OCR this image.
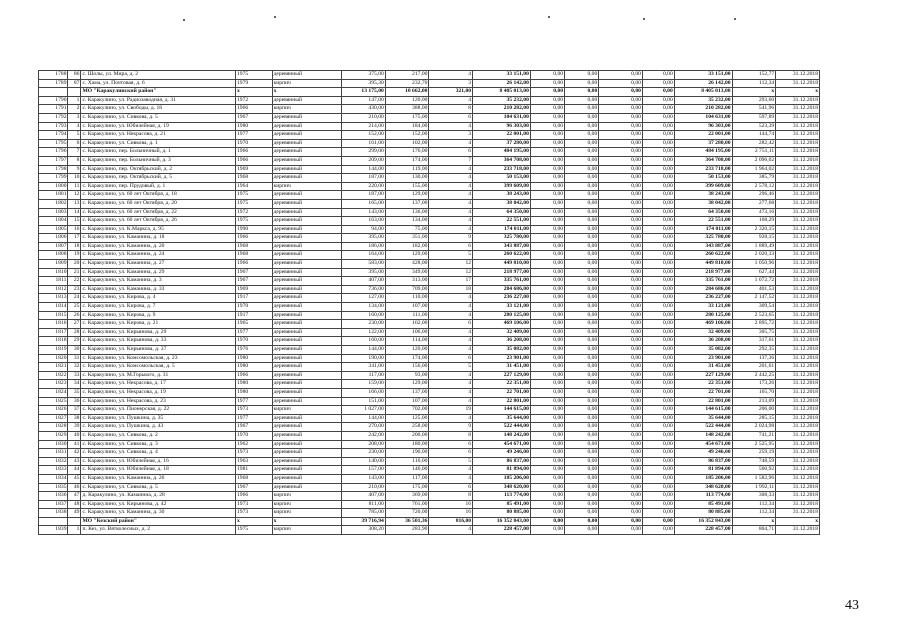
1788	86	с. Шолы, ул. Мира, д. 2	1975	деревянный	375,00	217,00	4	33 151,00	0,00	0,00	0,00	0,00	33 151,00	152,77	31.12.2018
1789	87	с. Хама, ул. Почтовая, д. 6	1979	кирпич	395,30	232,70	3	26 142,00	0,00	0,00	0,00	0,00	26 142,00	112,34	31.12.2018
		МО "Каракулинский район"	х	х	13 175,00	10 662,00	321,00	8 405 013,00	0,00	0,00	0,00	0,00	8 405 013,00	х	х
1790	1	с. Каракулино, ул. Радиозаводная, д. 31	1972	деревянный	147,00	120,00	4	35 232,00	0,00	0,00	0,00	0,00	35 232,00	293,60	31.12.2018
1791	2	с. Каракулино, ул. Свободы, д. 18	1966	кирпич	430,00	388,00	8	210 282,00	0,00	0,00	0,00	0,00	210 282,00	541,96	31.12.2018
1792	3	с. Каракулино, ул. Сивкова, д. 5	1967	деревянный	210,00	175,00	6	104 631,00	0,00	0,00	0,00	0,00	104 631,00	597,89	31.12.2018
1793	4	с. Каракулино, ул. Юбилейная, д. 19	1980	деревянный	214,00	184,00	4	96 303,00	0,00	0,00	0,00	0,00	96 303,00	523,39	31.12.2018
1794	5	с. Каракулино, ул. Некрасова, д. 21	1977	деревянный	152,00	152,00	3	22 001,00	0,00	0,00	0,00	0,00	22 001,00	144,74	31.12.2018
1795	6	с. Каракулино, ул. Сивкова, д. 1	1970	деревянный	161,00	102,00	4	37 280,00	0,00	0,00	0,00	0,00	37 280,00	282,42	31.12.2018
1796	7	с. Каракулино, пер. Больничный, д. 1	1966	деревянный	299,00	176,00	6	484 195,00	0,00	0,00	0,00	0,00	484 195,00	2 751,11	31.12.2018
1797	8	с. Каракулино, пер. Больничный, д. 3	1966	деревянный	209,00	174,00	7	364 708,00	0,00	0,00	0,00	0,00	364 708,00	2 096,02	31.12.2018
1798	9	с. Каракулино, пер. Октябрьский, д. 2	1969	деревянный	144,00	119,00	4	233 718,00	0,00	0,00	0,00	0,00	233 718,00	1 964,02	31.12.2018
1799	10	с. Каракулино, пер. Октябрьский, д. 5	1968	деревянный	187,00	130,00	4	50 153,00	0,00	0,00	0,00	0,00	50 153,00	385,79	31.12.2018
1800	11	с. Каракулино, пер. Прудовый, д. 1	1964	кирпич	220,00	155,00	4	399 609,00	0,00	0,00	0,00	0,00	399 609,00	2 578,12	31.12.2018
1801	12	с. Каракулино, ул. 60 лет Октября, д. 18	1975	деревянный	187,00	129,00	4	38 243,00	0,00	0,00	0,00	0,00	38 243,00	296,46	31.12.2018
1802	13	с. Каракулино, ул. 60 лет Октября, д. 20	1975	деревянный	165,00	137,00	4	38 042,00	0,00	0,00	0,00	0,00	38 042,00	277,68	31.12.2018
1803	14	с. Каракулино, ул. 60 лет Октября, д. 22	1972	деревянный	143,00	136,00	4	64 350,00	0,00	0,00	0,00	0,00	64 350,00	473,16	31.12.2018
1804	15	с. Каракулино, ул. 60 лет Октября, д. 26	1975	деревянный	163,00	134,00	4	22 551,00	0,00	0,00	0,00	0,00	22 551,00	168,29	31.12.2018
1805	16	с. Каракулино, ул. К.Маркса, д. 95	1990	деревянный	94,00	75,00	4	174 011,00	0,00	0,00	0,00	0,00	174 011,00	2 320,15	31.12.2018
1806	17	с. Каракулино, ул. Каманина, д. 18	1966	деревянный	395,00	351,00	9	325 780,00	0,00	0,00	0,00	0,00	325 780,00	928,15	31.12.2018
1807	18	с. Каракулино, ул. Каманина, д. 20	1968	деревянный	186,00	182,00	6	343 887,00	0,00	0,00	0,00	0,00	343 887,00	1 889,49	31.12.2018
1808	19	с. Каракулино, ул. Каманина, д. 24	1968	деревянный	164,00	129,00	5	260 622,00	0,00	0,00	0,00	0,00	260 622,00	2 020,33	31.12.2018
1809	20	с. Каракулино, ул. Каманина, д. 27	1966	деревянный	583,00	428,00	12	449 810,00	0,00	0,00	0,00	0,00	449 810,00	1 050,96	31.12.2018
1810	21	с. Каракулино, ул. Каманина, д. 29	1967	деревянный	395,00	349,00	12	218 977,00	0,00	0,00	0,00	0,00	218 977,00	627,44	31.12.2018
1811	22	с. Каракулино, ул. Каманина, д. 3	1967	деревянный	407,00	313,00	17	335 761,00	0,00	0,00	0,00	0,00	335 761,00	1 072,72	31.12.2018
1812	23	с. Каракулино, ул. Каманина, д. 33	1969	деревянный	736,00	709,00	18	284 686,00	0,00	0,00	0,00	0,00	284 686,00	401,53	31.12.2018
1813	24	с. Каракулино, ул. Кирова, д. 4	1917	деревянный	127,00	110,00	4	236 227,00	0,00	0,00	0,00	0,00	236 227,00	2 147,52	31.12.2018
1814	25	с. Каракулино, ул. Кирова, д. 7	1970	деревянный	134,00	107,00	4	33 121,00	0,00	0,00	0,00	0,00	33 121,00	309,54	31.12.2018
1815	26	с. Каракулино, ул. Кирова, д. 9	1917	деревянный	160,00	111,00	4	280 125,00	0,00	0,00	0,00	0,00	280 125,00	2 523,65	31.12.2018
1816	27	с. Каракулино, ул. Кирова, д. 21	1965	деревянный	230,00	162,00	6	469 106,00	0,00	0,00	0,00	0,00	469 106,00	2 895,72	31.12.2018
1817	28	с. Каракулино, ул. Кирьянова, д. 29	1977	деревянный	122,00	106,00	4	32 409,00	0,00	0,00	0,00	0,00	32 409,00	305,75	31.12.2018
1818	29	с. Каракулино, ул. Кирьянова, д. 33	1970	деревянный	160,00	114,00	4	36 208,00	0,00	0,00	0,00	0,00	36 208,00	317,61	31.12.2018
1819	30	с. Каракулино, ул. Кирьянова, д. 37	1976	деревянный	144,00	120,00	4	35 082,00	0,00	0,00	0,00	0,00	35 082,00	292,35	31.12.2018
1820	31	с. Каракулино, ул. Комсомольская, д. 23	1980	деревянный	190,00	174,00	6	23 901,00	0,00	0,00	0,00	0,00	23 901,00	137,36	31.12.2018
1821	32	с. Каракулино, ул. Комсомольская, д. 5	1980	деревянный	341,00	156,00	5	31 451,00	0,00	0,00	0,00	0,00	31 451,00	201,61	31.12.2018
1822	33	с. Каракулино, ул. М.Горького, д. 31	1966	деревянный	117,00	93,00	4	227 129,00	0,00	0,00	0,00	0,00	227 129,00	2 442,25	31.12.2018
1823	34	с. Каракулино, ул. Некрасова, д. 17	1980	деревянный	159,00	129,00	4	22 351,00	0,00	0,00	0,00	0,00	22 351,00	173,26	31.12.2018
1824	35	с. Каракулино, ул. Некрасова, д. 19	1980	деревянный	166,00	137,00	4	22 701,00	0,00	0,00	0,00	0,00	22 701,00	165,70	31.12.2018
1825	36	с. Каракулино, ул. Некрасова, д. 23	1977	деревянный	151,00	107,00	4	22 801,00	0,00	0,00	0,00	0,00	22 801,00	213,09	31.12.2018
1826	37	с. Каракулино, ул. Пионерская, д. 22	1973	кирпич	1 027,00	702,00	19	144 615,00	0,00	0,00	0,00	0,00	144 615,00	206,00	31.12.2018
1827	38	с. Каракулино, ул. Пушкина, д. 35	1977	деревянный	144,00	125,00	4	35 644,00	0,00	0,00	0,00	0,00	35 644,00	285,15	31.12.2018
1828	39	с. Каракулино, ул. Пушкина, д. 43	1967	деревянный	270,00	258,00	9	522 444,00	0,00	0,00	0,00	0,00	522 444,00	2 024,98	31.12.2018
1829	40	с. Каракулино, ул. Сивкова, д. 2	1970	деревянный	242,00	200,00	8	148 242,00	0,00	0,00	0,00	0,00	148 242,00	741,21	31.12.2018
1830	41	с. Каракулино, ул. Сивкова, д. 3	1962	деревянный	208,00	180,00	6	454 671,00	0,00	0,00	0,00	0,00	454 671,00	2 525,95	31.12.2018
1831	42	с. Каракулино, ул. Сивкова, д. 4	1973	деревянный	230,00	190,00	6	49 246,00	0,00	0,00	0,00	0,00	49 246,00	259,19	31.12.2018
1832	43	с. Каракулино, ул. Юбилейная, д. 16	1963	деревянный	140,00	116,00	5	86 837,00	0,00	0,00	0,00	0,00	86 837,00	748,59	31.12.2018
1833	44	с. Каракулино, ул. Юбилейная, д. 18	1981	деревянный	157,00	146,00	4	81 894,00	0,00	0,00	0,00	0,00	81 894,00	560,92	31.12.2018
1834	45	с. Каракулино, ул. Каманина, д. 26	1968	деревянный	143,00	117,00	4	185 206,00	0,00	0,00	0,00	0,00	185 206,00	1 582,96	31.12.2018
1835	46	с. Каракулино, ул. Сивкова, д. 5	1967	деревянный	210,00	175,00	6	348 620,00	0,00	0,00	0,00	0,00	348 620,00	1 992,11	31.12.2018
1836	47	д. Каракулино, ул. Каманина, д. 28	1966	кирпич	407,00	369,00	8	113 774,00	0,00	0,00	0,00	0,00	113 774,00	308,33	31.12.2018
1837	48	с. Каракулино, ул. Кирьянова, д. 42	1973	кирпич	811,00	761,00	16	85 491,00	0,00	0,00	0,00	0,00	85 491,00	112,34	31.12.2018
1838	49	с. Каракулино, ул. Каманина, д. 30	1973	кирпич	785,00	720,00	16	80 885,00	0,00	0,00	0,00	0,00	80 885,00	112,34	31.12.2018
		МО "Кезский район"	х	х	39 716,94	36 501,36	816,00	16 352 843,00	0,00	0,00	0,00	0,00	16 352 843,00	х	х
1839	1	п. Кез, ул. Вятколесных, д. 2	1975	кирпич	308,20	283,90	4	228 457,00	0,00	0,00	0,00	0,00	228 457,00	804,71	31.12.2018
43
